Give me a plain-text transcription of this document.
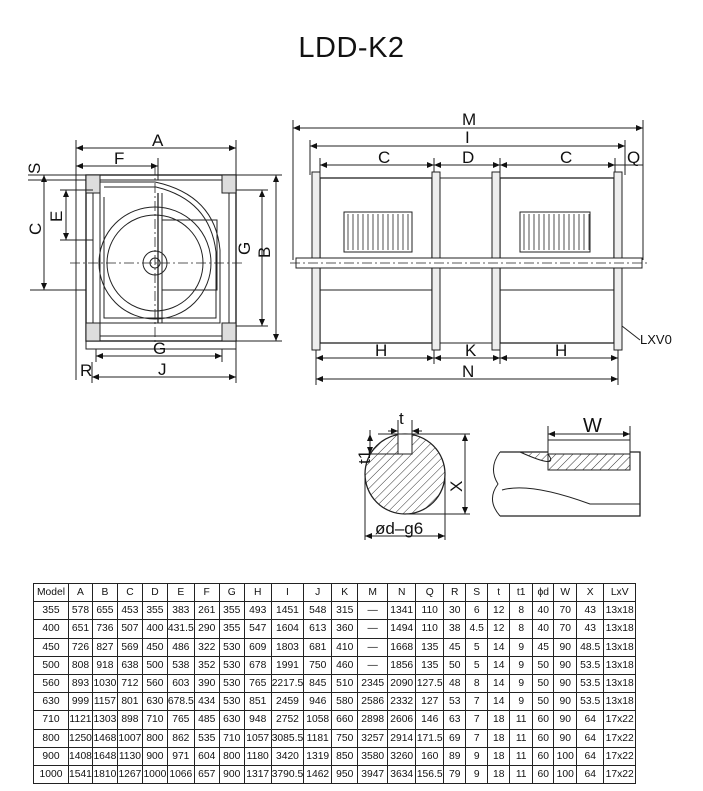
LDD-K2
A
F
S
C
E
G B
G
R	J
M
I
C	D	C	Q
H	K	H
N
LXV0
t
t1
X
ød–g6
W
Model	A	B	C	D	E	F	G	H	I	J	K	M	N	Q	R	S	t	t1	ϕd	W	X	LxV
355	578	655	453	355	383	261	355	493	1451	548	315	—	1341	110	30	6	12	8	40	70	43	13x18
400	651	736	507	400	431.5	290	355	547	1604	613	360	—	1494	110	38	4.5	12	8	40	70	43	13x18
450	726	827	569	450	486	322	530	609	1803	681	410	—	1668	135	45	5	14	9	45	90	48.5	13x18
500	808	918	638	500	538	352	530	678	1991	750	460	—	1856	135	50	5	14	9	50	90	53.5	13x18
560	893	1030	712	560	603	390	530	765	2217.5	845	510	2345	2090	127.5	48	8	14	9	50	90	53.5	13x18
630	999	1157	801	630	678.5	434	530	851	2459	946	580	2586	2332	127	53	7	14	9	50	90	53.5	13x18
710	1121	1303	898	710	765	485	630	948	2752	1058	660	2898	2606	146	63	7	18	11	60	90	64	17x22
800	1250	1468	1007	800	862	535	710	1057	3085.5	1181	750	3257	2914	171.5	69	7	18	11	60	90	64	17x22
900	1408	1648	1130	900	971	604	800	1180	3420	1319	850	3580	3260	160	89	9	18	11	60	100	64	17x22
1000	1541	1810	1267	1000	1066	657	900	1317	3790.5	1462	950	3947	3634	156.5	79	9	18	11	60	100	64	17x22
